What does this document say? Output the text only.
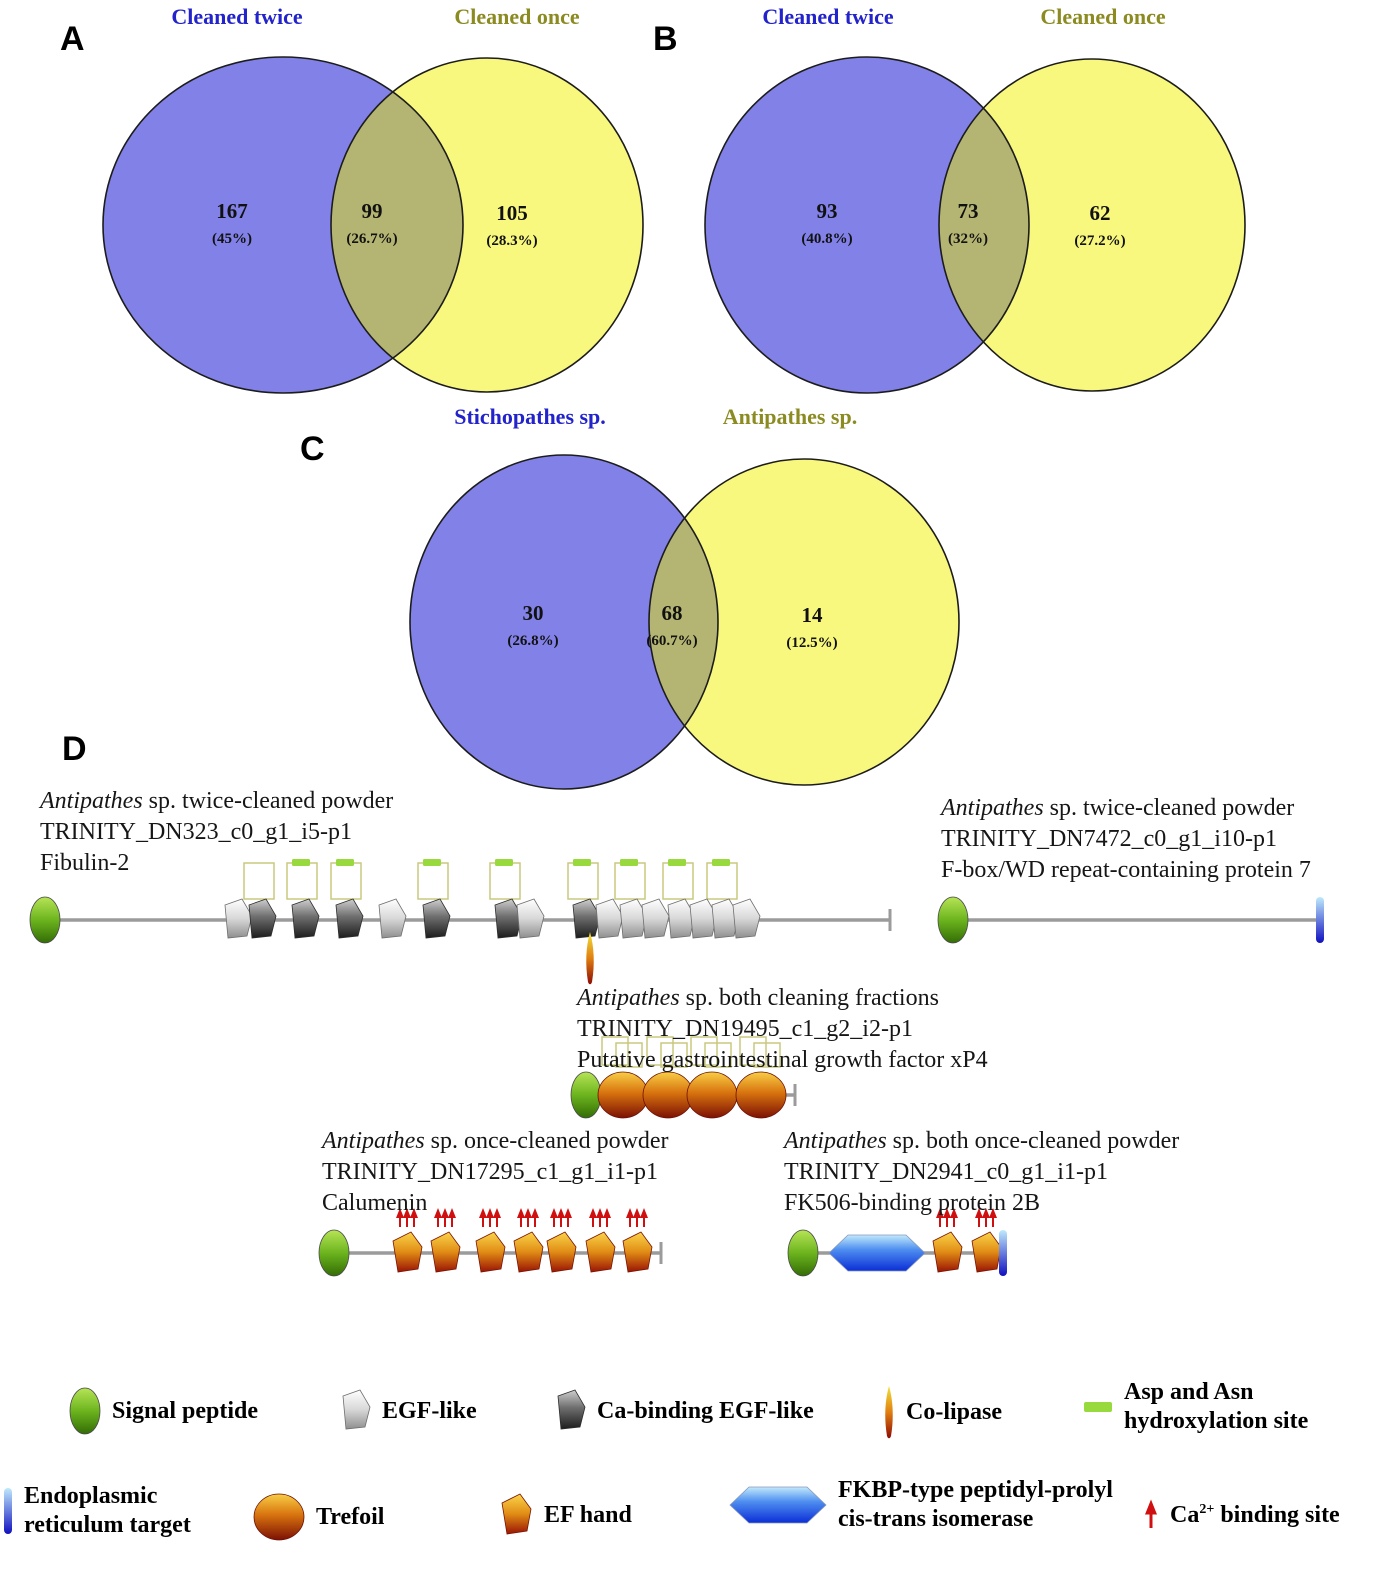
A	B
C
D
Cleaned twice	Cleaned once
167
(45%)
99
(26.7%)
105
(28.3%)
Cleaned twice	Cleaned once
93
(40.8%)
73
(32%)
62
(27.2%)
Stichopathes sp.	Antipathes sp.
30
(26.8%)
68
(60.7%)
14
(12.5%)
Antipathes sp. twice-cleaned powder
TRINITY_DN323_c0_g1_i5-p1
Fibulin-2
Antipathes sp. twice-cleaned powder
TRINITY_DN7472_c0_g1_i10-p1
F-box/WD repeat-containing protein 7
Antipathes sp. both cleaning fractions
TRINITY_DN19495_c1_g2_i2-p1
Putative gastrointestinal growth factor xP4
Antipathes sp. once-cleaned powder
TRINITY_DN17295_c1_g1_i1-p1
Calumenin
Antipathes sp. both once-cleaned powder
TRINITY_DN2941_c0_g1_i1-p1
FK506-binding protein 2B
Signal peptide	EGF-like	Ca-binding EGF-like	Co-lipase
Asp and Asn hydroxylation site
Endoplasmic reticulum target	Trefoil	EF hand
FKBP-type peptidyl-prolyl cis-trans isomerase	$Ca^{2+}$ binding site
